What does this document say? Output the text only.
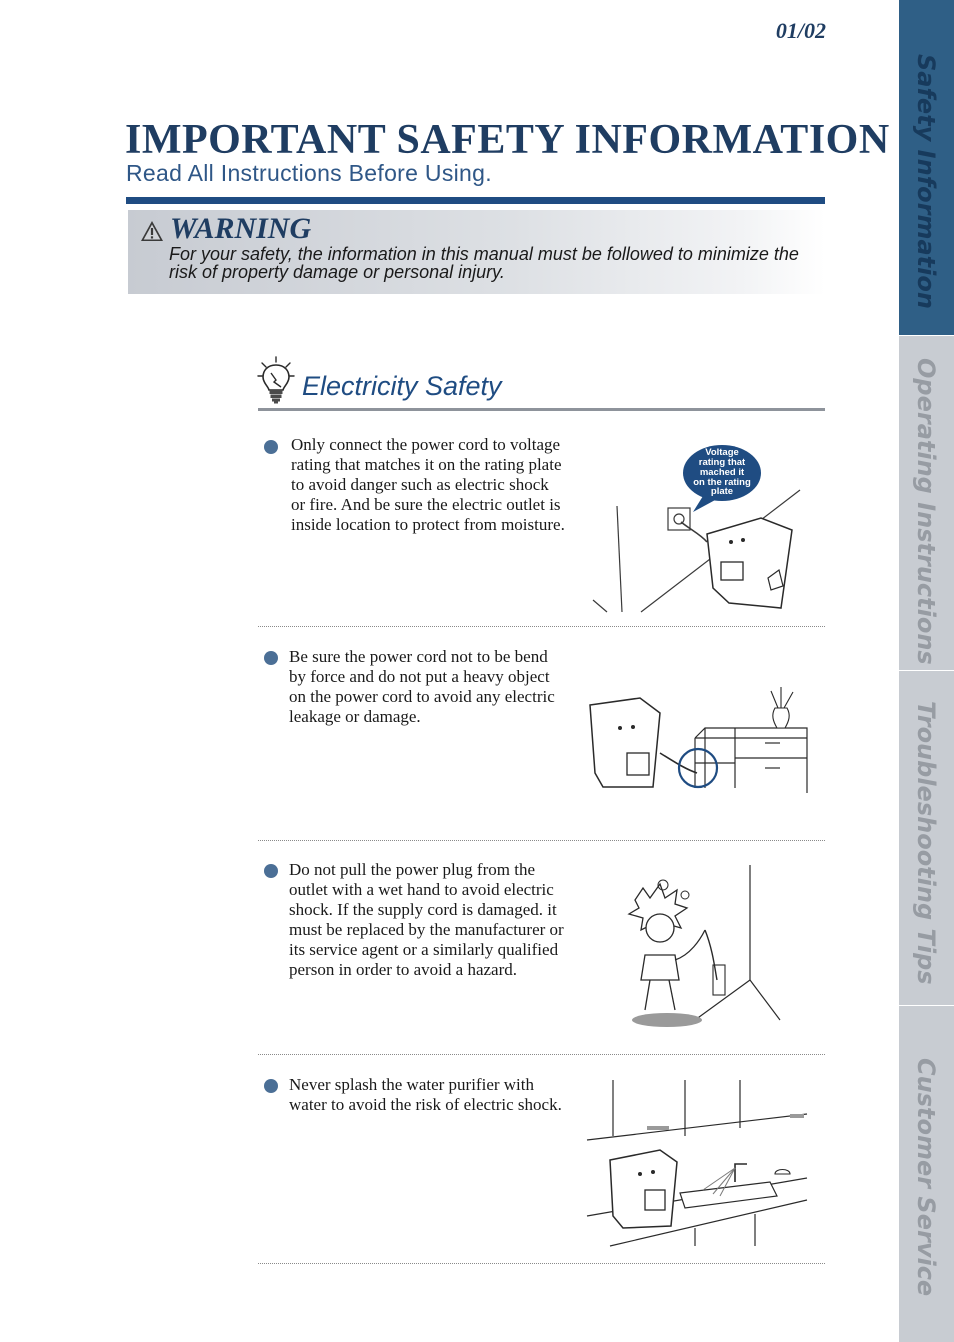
01/02
IMPORTANT SAFETY INFORMATION
Read All Instructions Before Using.
WARNING
For your safety, the information in this manual must be followed to minimize the risk of property damage or personal injury.
Electricity Safety
Only connect the power cord to voltage rating that matches it on the rating plate to avoid danger such as electric shock or fire. And be sure the electric outlet is inside location to protect from moisture.
Voltage
rating that
mached it
on the rating
plate
Be sure the power cord not to be bend by force and do not put a heavy object on the power cord to avoid any electric leakage or damage.
Do not pull the power plug from the outlet with a wet hand to avoid electric shock. If the supply cord is damaged. it must be replaced by the manufacturer or its service agent or a similarly qualified person in order to avoid a hazard.
Never splash the water purifier with water to avoid the risk of electric shock.
Safety Information
Operating Instructions
Troubleshooting Tips
Customer Service
